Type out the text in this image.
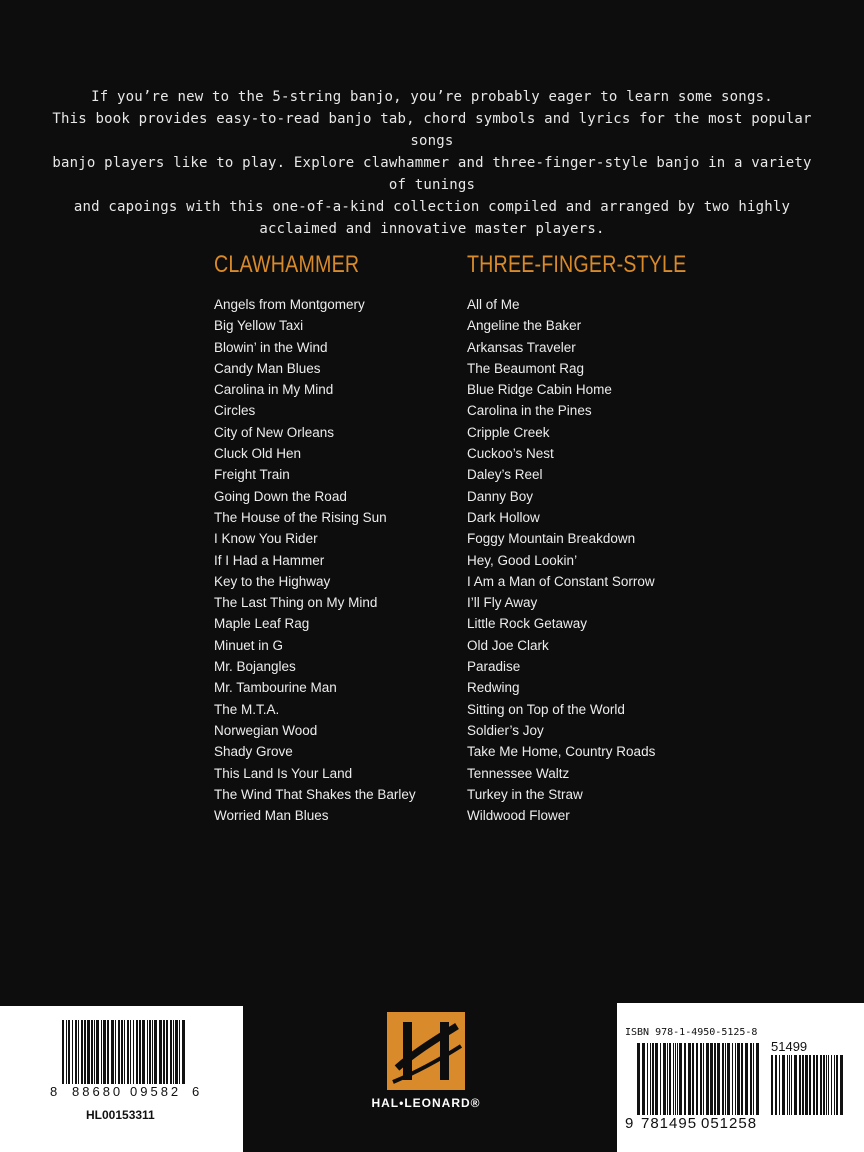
If you’re new to the 5-string banjo, you’re probably eager to learn some songs.
This book provides easy-to-read banjo tab, chord symbols and lyrics for the most popular songs
banjo players like to play. Explore clawhammer and three-finger-style banjo in a variety of tunings
and capoings with this one-of-a-kind collection compiled and arranged by two highly
acclaimed and innovative master players.
CLAWHAMMER
Angels from Montgomery
Big Yellow Taxi
Blowin’ in the Wind
Candy Man Blues
Carolina in My Mind
Circles
City of New Orleans
Cluck Old Hen
Freight Train
Going Down the Road
The House of the Rising Sun
I Know You Rider
If I Had a Hammer
Key to the Highway
The Last Thing on My Mind
Maple Leaf Rag
Minuet in G
Mr. Bojangles
Mr. Tambourine Man
The M.T.A.
Norwegian Wood
Shady Grove
This Land Is Your Land
The Wind That Shakes the Barley
Worried Man Blues
THREE-FINGER-STYLE
All of Me
Angeline the Baker
Arkansas Traveler
The Beaumont Rag
Blue Ridge Cabin Home
Carolina in the Pines
Cripple Creek
Cuckoo’s Nest
Daley’s Reel
Danny Boy
Dark Hollow
Foggy Mountain Breakdown
Hey, Good Lookin’
I Am a Man of Constant Sorrow
I’ll Fly Away
Little Rock Getaway
Old Joe Clark
Paradise
Redwing
Sitting on Top of the World
Soldier’s Joy
Take Me Home, Country Roads
Tennessee Waltz
Turkey in the Straw
Wildwood Flower
8 88680 09582 6
HL00153311
HAL•LEONARD®
ISBN 978-1-4950-5125-8
51499
9 781495 051258
